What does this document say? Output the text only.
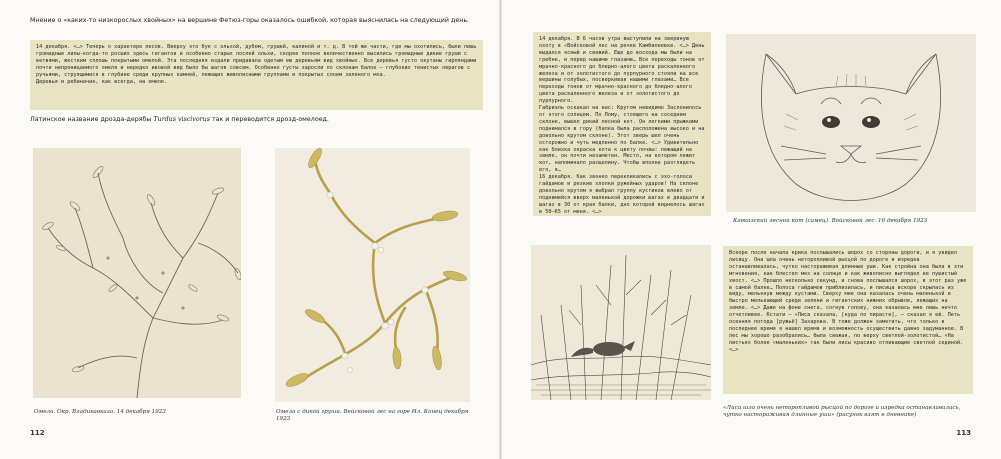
Мнение о «каких-то низкорослых хвойных» на вершине Фетюз-горы оказалось ошибкой, которая выяснилась на следующий день.
14 декабря. <…> Теперь о характере лесов. Вверху это бук с ольхой, дубом, грушей, калиной и т. д. В той же части, где мы охотились, были лишь громадные липы-когда-то росших здесь гигантов и особенно старых послей ольхи, скорее полное величественно высились громадные дикие груши с ветвями, жестким сплошь покрытыми омелой. Эта последняя издали придавала одетым ею деревьям вид хвойных. Все деревья густо окутаны гирляндами почти непроницаемого хмеля и нередко ивовой вид было бы шагов совсем. Особенно густы заросли по склонам балок — глубоких тенистых оврагов с ручьями, струящимися в глубине среди крупных камней, лежащих живописными группами и покрытых слоем зеленого мха.
Деревья и ребиначик, как всегда, на омеле.
Латинское название дрозда-дерябы Turdus viscivorus так и переводится дрозд-омелоед.
Омела. Окр. Владикавказа. 14 декабря 1923	Омела с дикой груши. Вейсковой лес на горе Ил. Конец декабря 1923
112
14 декабря. В 6 часов утра выступили на звериную охоту в «Войсковой лес на речке Камбилеевке. <…> День выдался ясный и свежий. Еще до восхода мы были на гребне, и перед нашими глазами… Все переходы тонов от мрачно-красного до бледно-алого цвета раскаленного железа и от золотистого до пурпурного стояли на все вершины голубых, посверкивая нашими глазами… Все переходы тонов от мрачно-красного до бледно-алого цвета раскаленного железа и от золотистого до пурпурного.
Габриэль оскакал на нас: Кругом невидимо Заслонилось от этого солнцем. По Лому, стоящего на соседнем склоне, вышел дикий лесной кот. Он легкими прыжками поднимался в гору (балка была расположена высоко и на довольно крутом склоне). Этот зверь шел очень осторожно и чуть медленно по балке. <…> Удивительно как близка окраска кота к цвету почвы: лежащий на земле, он почти незаметен. Место, на котором лежит кот, напоминало расщелину. Чтобы вполне разглядеть его, я…
16 декабря. Как звонко перекликались с эхо-голоса гайдамов и резкие хлопки ружейных ударов! На склоне довольно крутом я выбрал группу кустиков влево от поднимейся вверх маленькой дорожки шагах в двадцати и шагах в 30 от края балки, дно которой виднелось шагах в 50–65 от меня. <…>
Кавказский лесной кот (самец). Войсковой лес. 16 декабря 1923
Вскоре после начала крика послышались шорох со стороны дороги, и я увидел лисицу. Она шла очень неторопливой рысцой по дороге и изредка останавливалась, чутко настораживая длинные уши. Как стройна она была в эти мгновения, как блестел мех на солнце и как живописно выглядел ее пушистый хвост. <…> Прошло несколько секунд, и снова послышался шорох, в этот раз уже в самой балке… Полоса гайдамов приблизилась, и лисица вскоре скрылась из виду, мелькнув между кустами. Сверху мне она казалась очень маленькой и быстро мелькающей среди зелени и гигантских нижних обрывов, лежащих на земле. <…> Даже на фоне снега, согнув голову, она казалась мне лишь нечто отчетливее. Кстати — «Лиса сказала, [куда по пирасте], — сказал я ей. Петь осенняя погода [ружьё] Захарова. В тоже должен заметить, что только в последнее время я нашел время и возможность осуществить давно задуманное. В лес мы хорошо разобрались… была свежая, по верху светлой-золотистой… «На листьях более «маленьких» так были лисы красиво отливающие светлой сединой. <…>
«Лиса шла очень неторопливой рысцой по дороге и изредка останавливалась, чутко настораживая длинные уши» (рисунок взят в дневнике)
113
